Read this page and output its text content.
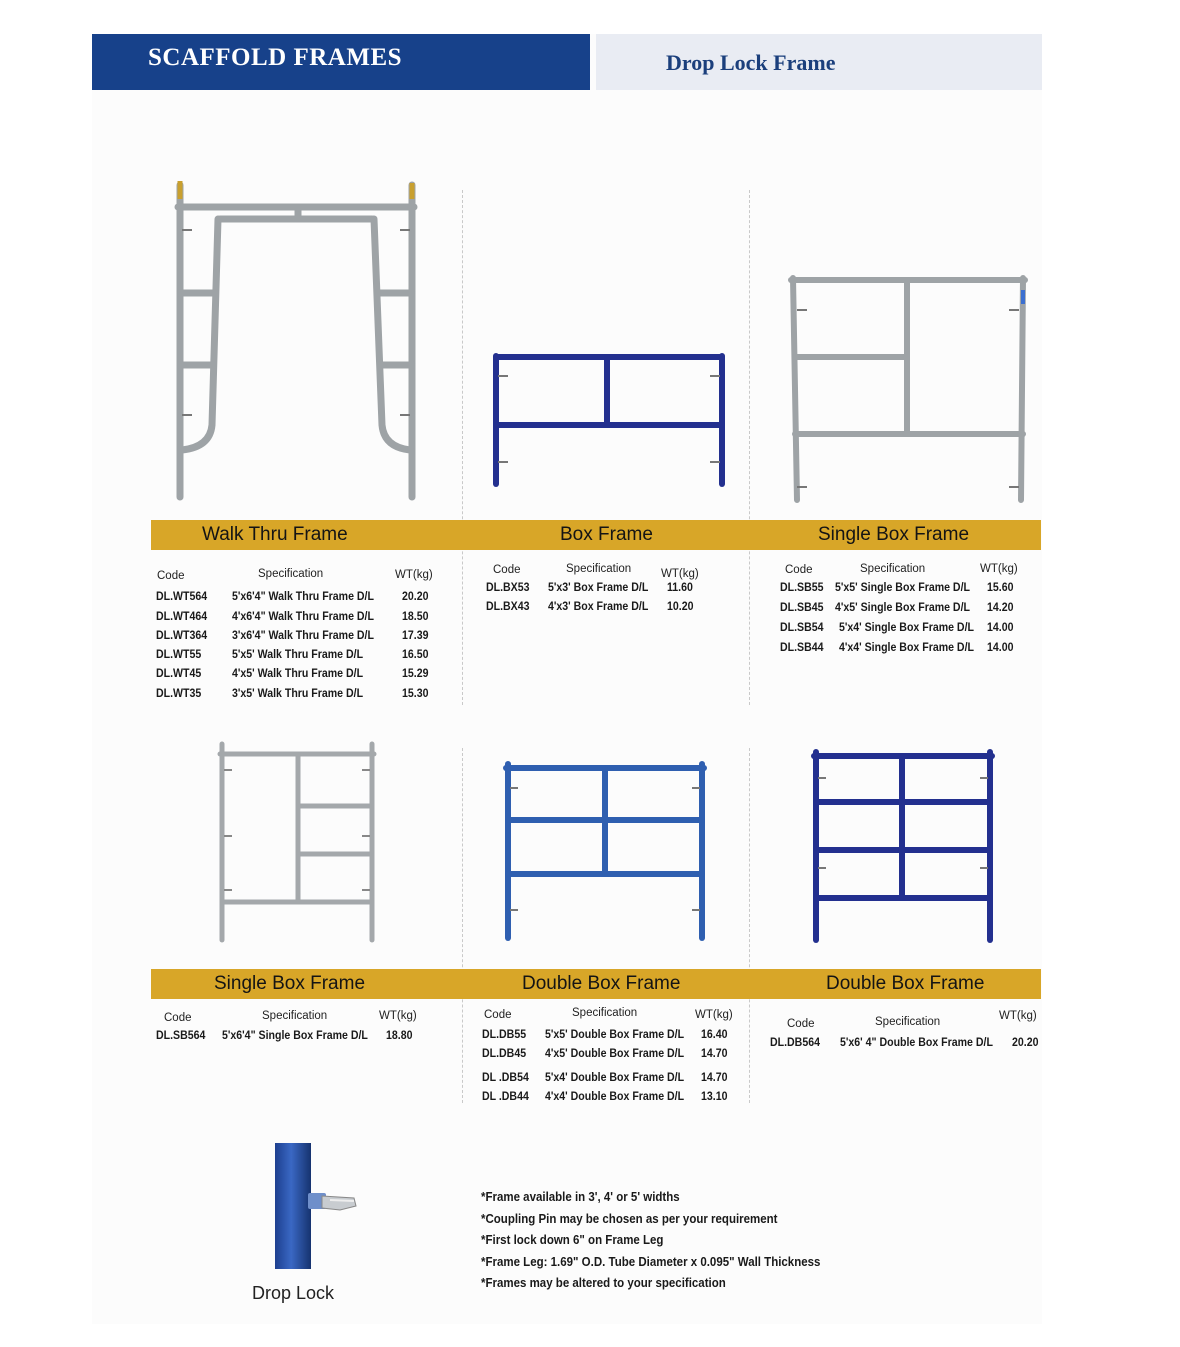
SCAFFOLD FRAMES	Drop Lock Frame
Walk Thru Frame	Box Frame	Single Box Frame
Code	Specification	WT(kg)
DL.WT564 5'x6'4" Walk Thru Frame D/L 20.20
DL.WT464 4'x6'4" Walk Thru Frame D/L 18.50
DL.WT364 3'x6'4" Walk Thru Frame D/L 17.39
DL.WT55	5'x5' Walk Thru Frame D/L	16.50
DL.WT45	4'x5' Walk Thru Frame D/L	15.29
DL.WT35	3'x5' Walk Thru Frame D/L	15.30
Code	Specification	WT(kg)
DL.BX53 5'x3' Box Frame D/L 11.60
DL.BX43 4'x3' Box Frame D/L 10.20
Code	Specification	WT(kg)
DL.SB55 5'x5' Single Box Frame D/L 15.60
DL.SB45 4'x5' Single Box Frame D/L 14.20
DL.SB54 5'x4' Single Box Frame D/L 14.00
DL.SB44 4'x4' Single Box Frame D/L 14.00
Single Box Frame	Double Box Frame	Double Box Frame
Code	Specification	WT(kg)
DL.SB564 5'x6'4" Single Box Frame D/L 18.80
Code	Specification	WT(kg)
DL.DB55 5'x5' Double Box Frame D/L 16.40
DL.DB45 4'x5' Double Box Frame D/L 14.70
DL .DB54 5'x4' Double Box Frame D/L 14.70
DL .DB44 4'x4' Double Box Frame D/L 13.10
Code	Specification	WT(kg)
DL.DB564 5'x6' 4" Double Box Frame D/L 20.20
Drop Lock
*Frame available in 3', 4' or 5' widths
*Coupling Pin may be chosen as per your requirement
*First lock down 6" on Frame Leg
*Frame Leg: 1.69" O.D. Tube Diameter x 0.095" Wall Thickness
*Frames may be altered to your specification
